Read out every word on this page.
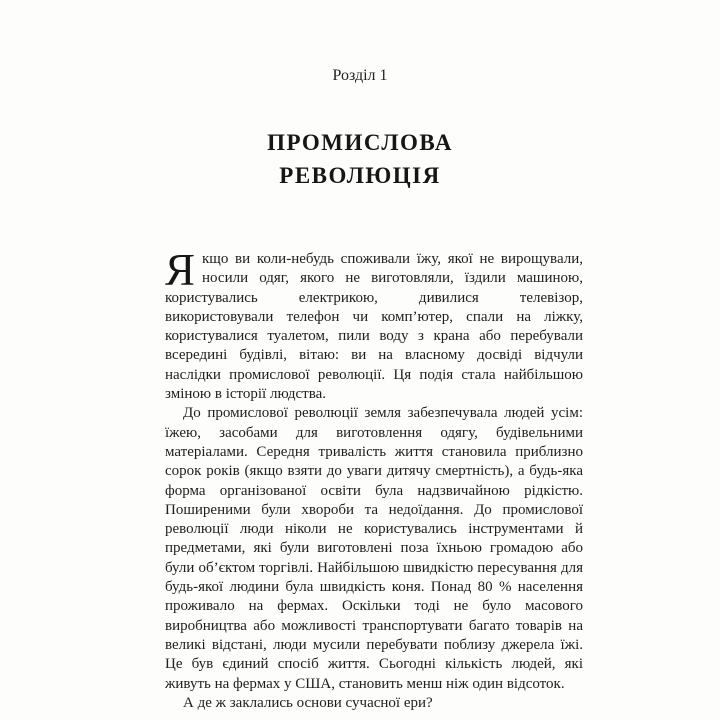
Розділ 1
ПРОМИСЛОВА
РЕВОЛЮЦІЯ

Якщо ви коли-небудь споживали їжу, якої не вирощували, носили одяг, якого не виготовляли, їздили машиною, користувались електрикою, дивилися телевізор, використовували телефон чи комп’ютер, спали на ліжку, користувалися туалетом, пили воду з крана або перебували всередині будівлі, вітаю: ви на власному досвіді відчули наслідки промислової революції. Ця подія стала найбільшою зміною в історії людства.

До промислової революції земля забезпечувала людей усім: їжею, засобами для виготовлення одягу, будівельними матеріалами. Середня тривалість життя становила приблизно сорок років (якщо взяти до уваги дитячу смертність), а будь-яка форма організованої освіти була надзвичайною рідкістю. Поширеними були хвороби та недоїдання. До промислової революції люди ніколи не користувались інструментами й предметами, які були виготовлені поза їхньою громадою або були об’єктом торгівлі. Найбільшою швидкістю пересування для будь-якої людини була швидкість коня. Понад 80 % населення проживало на фермах. Оскільки тоді не було масового виробництва або можливості транспортувати багато товарів на великі відстані, люди мусили перебувати поблизу джерела їжі. Це був єдиний спосіб життя. Сьогодні кількість людей, які живуть на фермах у США, становить менш ніж один відсоток.

А де ж заклались основи сучасної ери?
